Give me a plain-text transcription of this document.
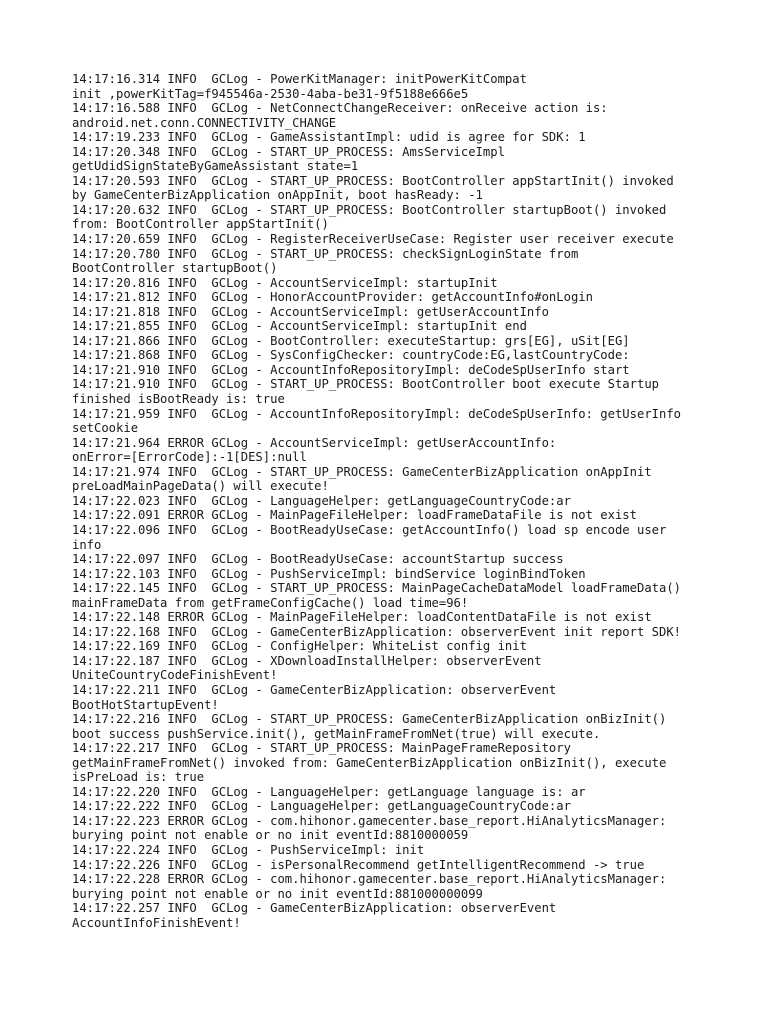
14:17:16.314 INFO  GCLog - PowerKitManager: initPowerKitCompat
init ,powerKitTag=f945546a-2530-4aba-be31-9f5188e666e5
14:17:16.588 INFO  GCLog - NetConnectChangeReceiver: onReceive action is:
android.net.conn.CONNECTIVITY_CHANGE
14:17:19.233 INFO  GCLog - GameAssistantImpl: udid is agree for SDK: 1
14:17:20.348 INFO  GCLog - START_UP_PROCESS: AmsServiceImpl
getUdidSignStateByGameAssistant state=1
14:17:20.593 INFO  GCLog - START_UP_PROCESS: BootController appStartInit() invoked
by GameCenterBizApplication onAppInit, boot hasReady: -1
14:17:20.632 INFO  GCLog - START_UP_PROCESS: BootController startupBoot() invoked
from: BootController appStartInit()
14:17:20.659 INFO  GCLog - RegisterReceiverUseCase: Register user receiver execute
14:17:20.780 INFO  GCLog - START_UP_PROCESS: checkSignLoginState from
BootController startupBoot()
14:17:20.816 INFO  GCLog - AccountServiceImpl: startupInit
14:17:21.812 INFO  GCLog - HonorAccountProvider: getAccountInfo#onLogin
14:17:21.818 INFO  GCLog - AccountServiceImpl: getUserAccountInfo
14:17:21.855 INFO  GCLog - AccountServiceImpl: startupInit end
14:17:21.866 INFO  GCLog - BootController: executeStartup: grs[EG], uSit[EG]
14:17:21.868 INFO  GCLog - SysConfigChecker: countryCode:EG,lastCountryCode:
14:17:21.910 INFO  GCLog - AccountInfoRepositoryImpl: deCodeSpUserInfo start
14:17:21.910 INFO  GCLog - START_UP_PROCESS: BootController boot execute Startup
finished isBootReady is: true
14:17:21.959 INFO  GCLog - AccountInfoRepositoryImpl: deCodeSpUserInfo: getUserInfo
setCookie
14:17:21.964 ERROR GCLog - AccountServiceImpl: getUserAccountInfo:
onError=[ErrorCode]:-1[DES]:null
14:17:21.974 INFO  GCLog - START_UP_PROCESS: GameCenterBizApplication onAppInit
preLoadMainPageData() will execute!
14:17:22.023 INFO  GCLog - LanguageHelper: getLanguageCountryCode:ar
14:17:22.091 ERROR GCLog - MainPageFileHelper: loadFrameDataFile is not exist
14:17:22.096 INFO  GCLog - BootReadyUseCase: getAccountInfo() load sp encode user
info
14:17:22.097 INFO  GCLog - BootReadyUseCase: accountStartup success
14:17:22.103 INFO  GCLog - PushServiceImpl: bindService loginBindToken
14:17:22.145 INFO  GCLog - START_UP_PROCESS: MainPageCacheDataModel loadFrameData()
mainFrameData from getFrameConfigCache() load time=96!
14:17:22.148 ERROR GCLog - MainPageFileHelper: loadContentDataFile is not exist
14:17:22.168 INFO  GCLog - GameCenterBizApplication: observerEvent init report SDK!
14:17:22.169 INFO  GCLog - ConfigHelper: WhiteList config init
14:17:22.187 INFO  GCLog - XDownloadInstallHelper: observerEvent
UniteCountryCodeFinishEvent!
14:17:22.211 INFO  GCLog - GameCenterBizApplication: observerEvent
BootHotStartupEvent!
14:17:22.216 INFO  GCLog - START_UP_PROCESS: GameCenterBizApplication onBizInit()
boot success pushService.init(), getMainFrameFromNet(true) will execute.
14:17:22.217 INFO  GCLog - START_UP_PROCESS: MainPageFrameRepository
getMainFrameFromNet() invoked from: GameCenterBizApplication onBizInit(), execute
isPreLoad is: true
14:17:22.220 INFO  GCLog - LanguageHelper: getLanguage language is: ar
14:17:22.222 INFO  GCLog - LanguageHelper: getLanguageCountryCode:ar
14:17:22.223 ERROR GCLog - com.hihonor.gamecenter.base_report.HiAnalyticsManager:
burying point not enable or no init eventId:8810000059
14:17:22.224 INFO  GCLog - PushServiceImpl: init
14:17:22.226 INFO  GCLog - isPersonalRecommend getIntelligentRecommend -> true
14:17:22.228 ERROR GCLog - com.hihonor.gamecenter.base_report.HiAnalyticsManager:
burying point not enable or no init eventId:881000000099
14:17:22.257 INFO  GCLog - GameCenterBizApplication: observerEvent
AccountInfoFinishEvent!
